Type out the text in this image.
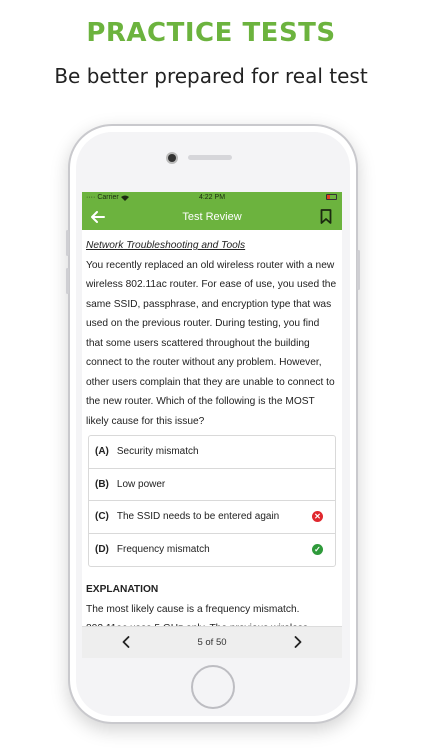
PRACTICE TESTS
Be better prepared for real test
···· Carrier	4:22 PM
Test Review
Network Troubleshooting and Tools
You recently replaced an old wireless router with a new wireless 802.11ac router. For ease of use, you used the same SSID, passphrase, and encryption type that was used on the previous router. During testing, you find that some users scattered throughout the building connect to the router without any problem. However, other users complain that they are unable to connect to the new router. Which of the following is the MOST likely cause for this issue?
(A) Security mismatch
(B) Low power
(C) The SSID needs to be entered again	✕
(D) Frequency mismatch	✓
EXPLANATION
The most likely cause is a frequency mismatch.
5 of 50
